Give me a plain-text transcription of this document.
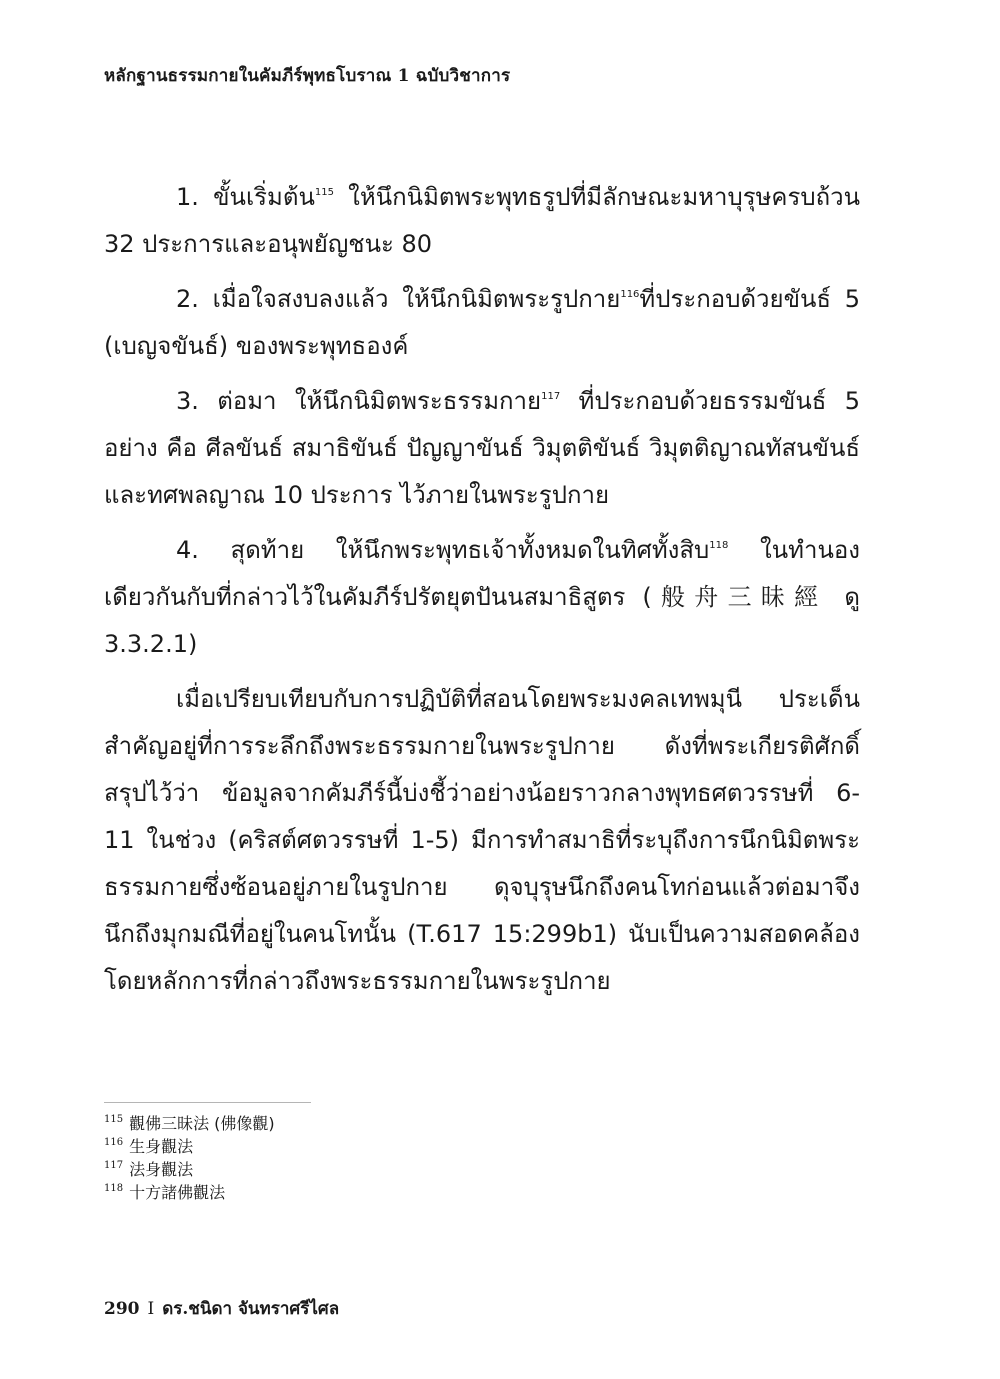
หลักฐานธรรมกายในคัมภีร์พุทธโบราณ 1 ฉบับวิชาการ

1. ขั้นเริ่มต้น$^{115}$ ให้นึกนิมิตพระพุทธรูปที่มีลักษณะมหาบุรุษครบถ้วน 32 ประการและอนุพยัญชนะ 80

2. เมื่อใจสงบลงแล้ว ให้นึกนิมิตพระรูปกาย$^{116}$ที่ประกอบด้วยขันธ์ 5 (เบญจขันธ์) ของพระพุทธองค์

3. ต่อมา ให้นึกนิมิตพระธรรมกาย$^{117}$ ที่ประกอบด้วยธรรมขันธ์ 5 อย่าง คือ ศีลขันธ์ สมาธิขันธ์ ปัญญาขันธ์ วิมุตติขันธ์ วิมุตติญาณทัสนขันธ์ และทศพลญาณ 10 ประการ ไว้ภายในพระรูปกาย

4. สุดท้าย ให้นึกพระพุทธเจ้าทั้งหมดในทิศทั้งสิบ$^{118}$ ในทำนองเดียวกันกับที่กล่าวไว้ในคัมภีร์ปรัตยุตปันนสมาธิสูตร (般舟三昧經 ดู 3.3.2.1)

เมื่อเปรียบเทียบกับการปฏิบัติที่สอนโดยพระมงคลเทพมุนี ประเด็นสำคัญอยู่ที่การระลึกถึงพระธรรมกายในพระรูปกาย ดังที่พระเกียรติศักดิ์สรุปไว้ว่า ข้อมูลจากคัมภีร์นี้บ่งชี้ว่าอย่างน้อยราวกลางพุทธศตวรรษที่ 6-11 ในช่วง (คริสต์ศตวรรษที่ 1-5) มีการทำสมาธิที่ระบุถึงการนึกนิมิตพระธรรมกายซึ่งซ้อนอยู่ภายในรูปกาย ดุจบุรุษนึกถึงคนโทก่อนแล้วต่อมาจึงนึกถึงมุกมณีที่อยู่ในคนโทนั้น (T.617 15:299b1) นับเป็นความสอดคล้องโดยหลักการที่กล่าวถึงพระธรรมกายในพระรูปกาย

$^{115}$ 觀佛三昧法 (佛像觀)
$^{116}$ 生身觀法
$^{117}$ 法身觀法
$^{118}$ 十方諸佛觀法
290 I ดร.ชนิดา จันทราศรีไศล
